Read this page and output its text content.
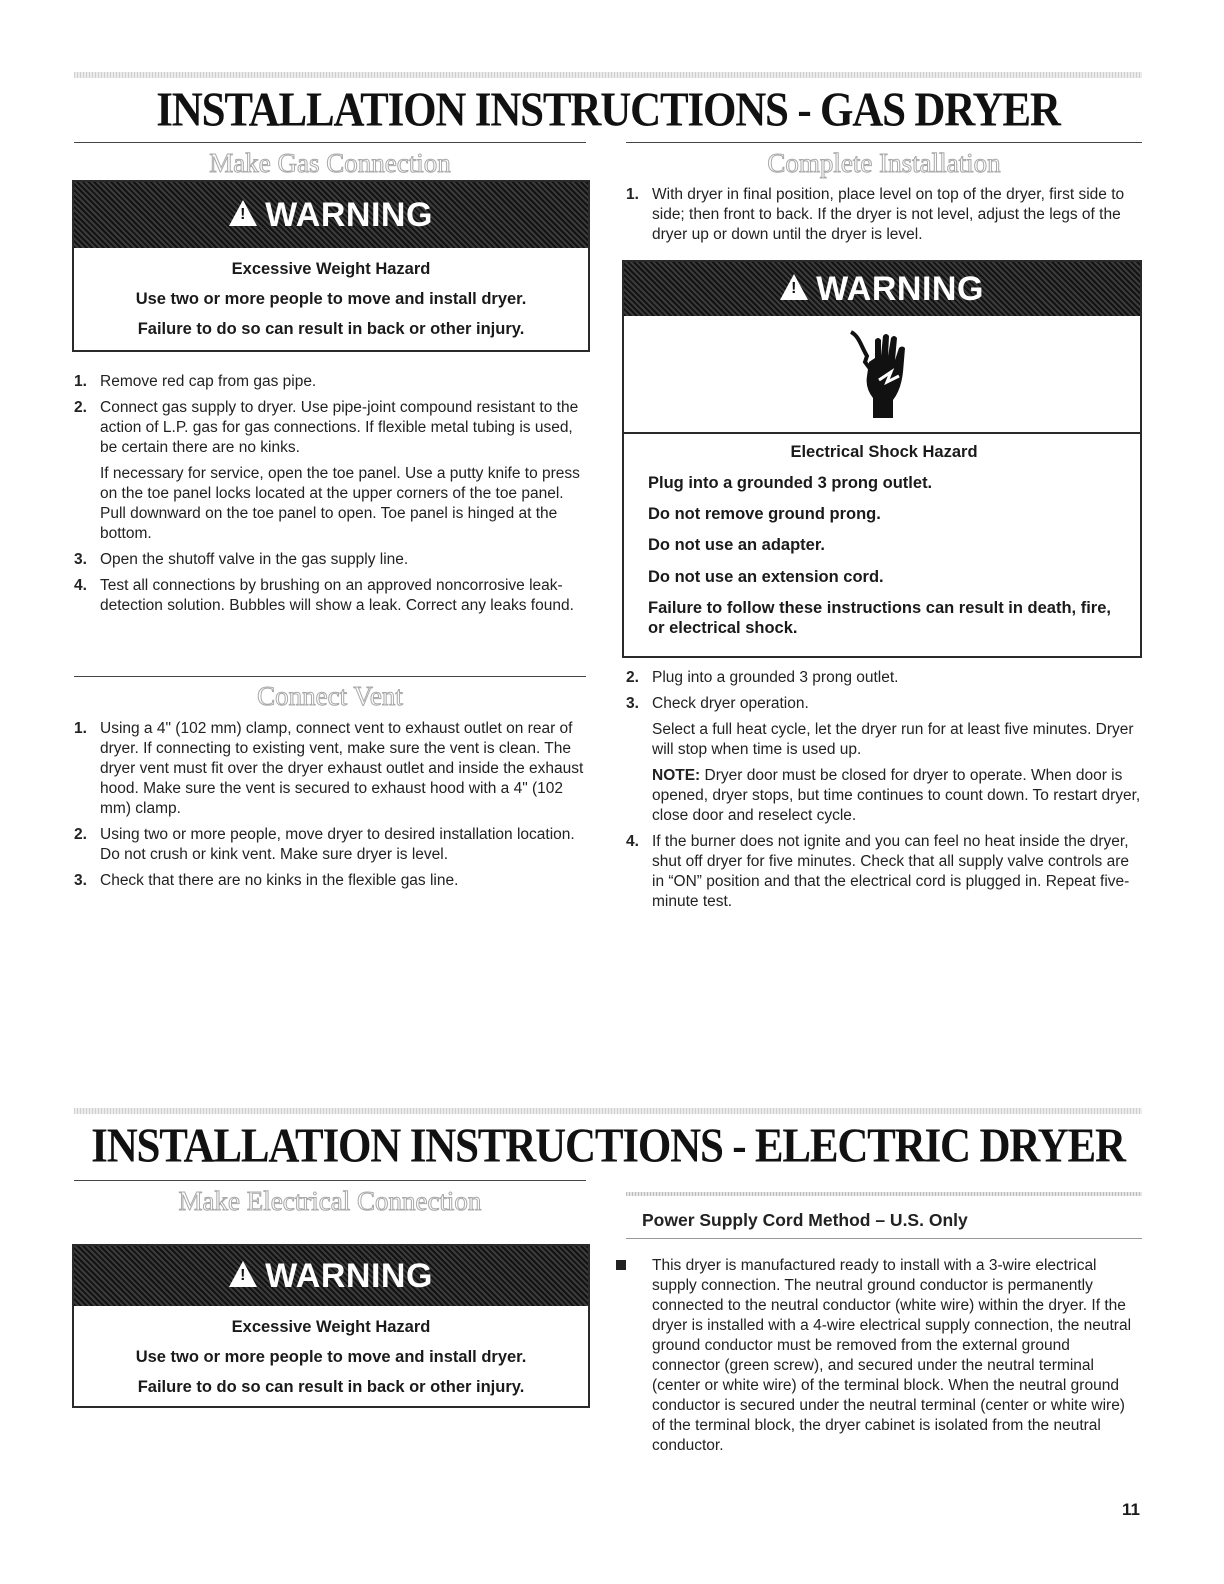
INSTALLATION INSTRUCTIONS - GAS DRYER
Make Gas Connection
!
WARNING
Excessive Weight Hazard
Use two or more people to move and install dryer.
Failure to do so can result in back or other injury.
1. Remove red cap from gas pipe.
2. Connect gas supply to dryer. Use pipe-joint compound resistant to the action of L.P. gas for gas connections. If flexible metal tubing is used, be certain there are no kinks.
If necessary for service, open the toe panel. Use a putty knife to press on the toe panel locks located at the upper corners of the toe panel. Pull downward on the toe panel to open. Toe panel is hinged at the bottom.
3. Open the shutoff valve in the gas supply line.
4. Test all connections by brushing on an approved noncorrosive leak-detection solution. Bubbles will show a leak. Correct any leaks found.
Connect Vent
1. Using a 4" (102 mm) clamp, connect vent to exhaust outlet on rear of dryer. If connecting to existing vent, make sure the vent is clean. The dryer vent must fit over the dryer exhaust outlet and inside the exhaust hood. Make sure the vent is secured to exhaust hood with a 4" (102 mm) clamp.
2. Using two or more people, move dryer to desired installation location. Do not crush or kink vent. Make sure dryer is level.
3. Check that there are no kinks in the flexible gas line.
Complete Installation
1. With dryer in final position, place level on top of the dryer, first side to side; then front to back. If the dryer is not level, adjust the legs of the dryer up or down until the dryer is level.
!
WARNING
Electrical Shock Hazard
Plug into a grounded 3 prong outlet.
Do not remove ground prong.
Do not use an adapter.
Do not use an extension cord.
Failure to follow these instructions can result in death, fire, or electrical shock.
2. Plug into a grounded 3 prong outlet.
3. Check dryer operation.
Select a full heat cycle, let the dryer run for at least five minutes. Dryer will stop when time is used up.
NOTE: Dryer door must be closed for dryer to operate. When door is opened, dryer stops, but time continues to count down. To restart dryer, close door and reselect cycle.
4. If the burner does not ignite and you can feel no heat inside the dryer, shut off dryer for five minutes. Check that all supply valve controls are in “ON” position and that the electrical cord is plugged in. Repeat five-minute test.
INSTALLATION INSTRUCTIONS - ELECTRIC DRYER
Make Electrical Connection
!
WARNING
Excessive Weight Hazard
Use two or more people to move and install dryer.
Failure to do so can result in back or other injury.
Power Supply Cord Method – U.S. Only
This dryer is manufactured ready to install with a 3-wire electrical supply connection. The neutral ground conductor is permanently connected to the neutral conductor (white wire) within the dryer. If the dryer is installed with a 4-wire electrical supply connection, the neutral ground conductor must be removed from the external ground connector (green screw), and secured under the neutral terminal (center or white wire) of the terminal block. When the neutral ground conductor is secured under the neutral terminal (center or white wire) of the terminal block, the dryer cabinet is isolated from the neutral conductor.
11
